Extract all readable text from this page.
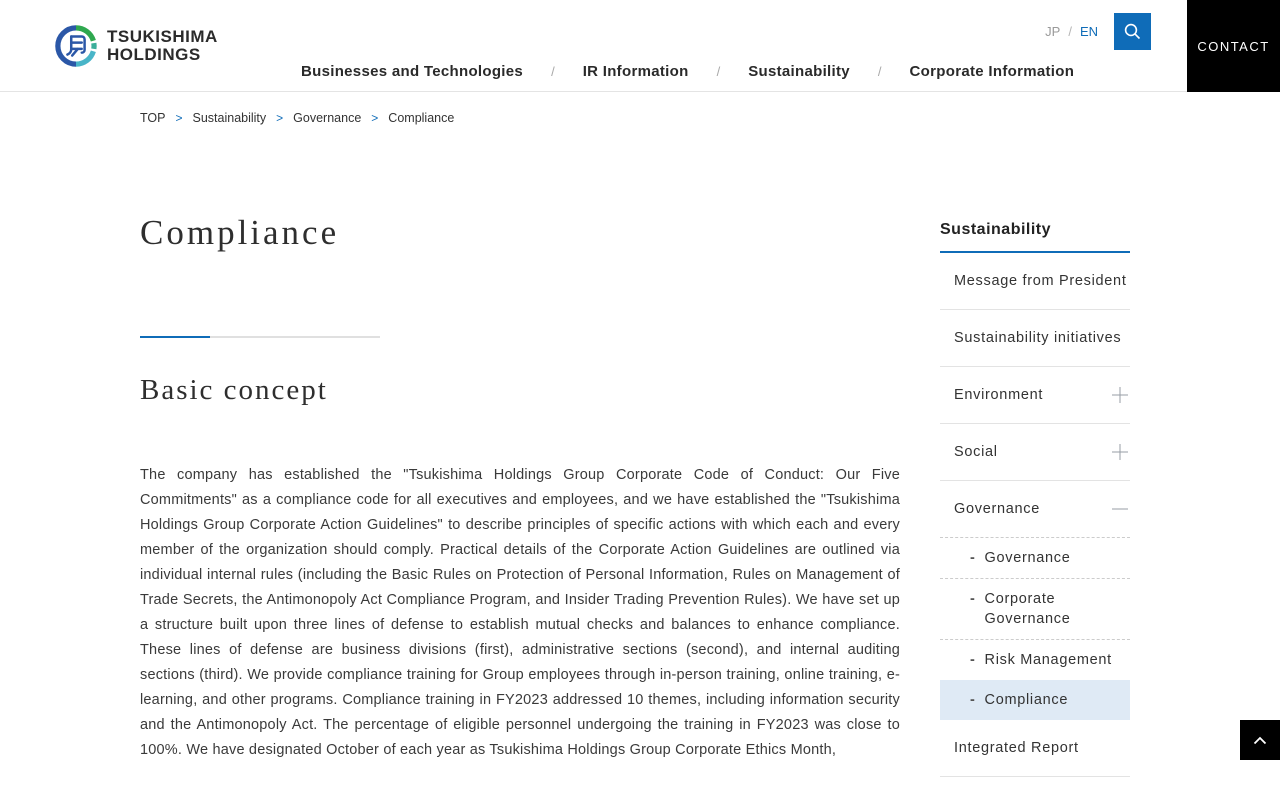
TSUKISHIMA
HOLDINGS
Businesses and Technologies / IR Information / Sustainability / Corporate Information
JP / EN
CONTACT
TOP > Sustainability > Governance > Compliance
Compliance
Basic concept

The company has established the "Tsukishima Holdings Group Corporate Code of Conduct: Our Five Commitments" as a compliance code for all executives and employees, and we have established the "Tsukishima Holdings Group Corporate Action Guidelines" to describe principles of specific actions with which each and every member of the organization should comply. Practical details of the Corporate Action Guidelines are outlined via individual internal rules (including the Basic Rules on Protection of Personal Information, Rules on Management of Trade Secrets, the Antimonopoly Act Compliance Program, and Insider Trading Prevention Rules). We have set up a structure built upon three lines of defense to establish mutual checks and balances to enhance compliance. These lines of defense are business divisions (first), administrative sections (second), and internal auditing sections (third). We provide compliance training for Group employees through in-person training, online training, e-learning, and other programs. Compliance training in FY2023 addressed 10 themes, including information security and the Antimonopoly Act. The percentage of eligible personnel undergoing the training in FY2023 was close to 100%. We have designated October of each year as Tsukishima Holdings Group Corporate Ethics Month,

Sustainability
Message from President
Sustainability initiatives
Environment
Social
Governance
- Governance
- Corporate Governance
- Risk Management
- Compliance
Integrated Report
